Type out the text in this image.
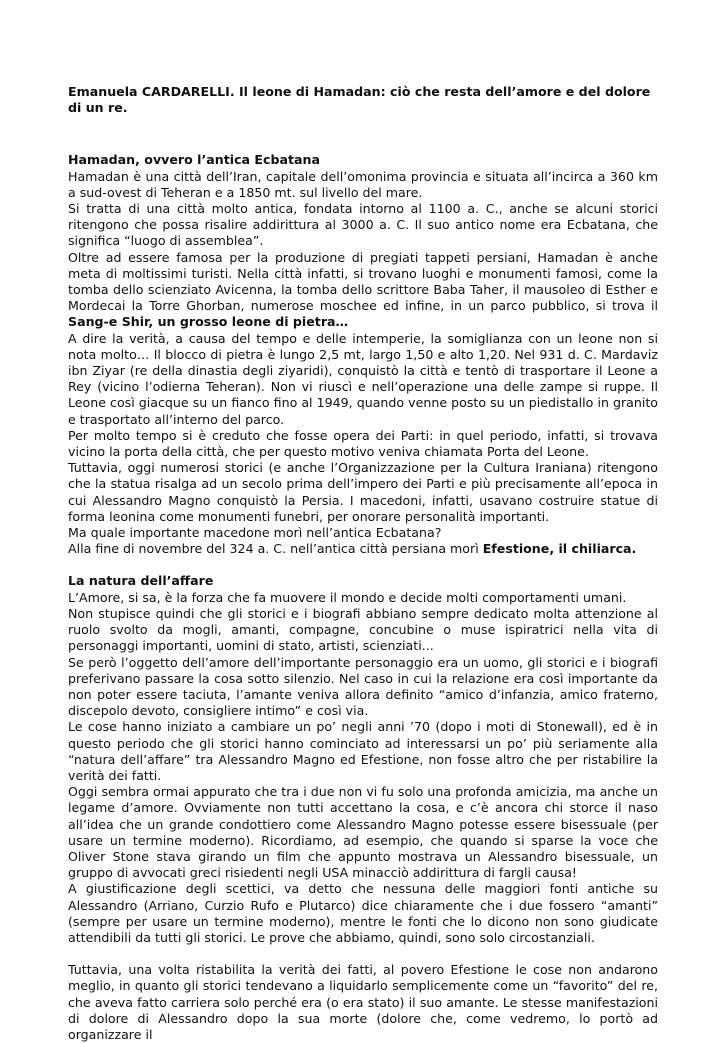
Emanuela CARDARELLI. Il leone di Hamadan: ciò che resta dell’amore e del dolore di un re.

Hamadan, ovvero l’antica Ecbatana

Hamadan è una città dell’Iran, capitale dell’omonima provincia e situata all’incirca a 360 km a sud-ovest di Teheran e a 1850 mt. sul livello del mare.

Si tratta di una città molto antica, fondata intorno al 1100 a. C., anche se alcuni storici ritengono che possa risalire addirittura al 3000 a. C. Il suo antico nome era Ecbatana, che significa “luogo di assemblea”.

Oltre ad essere famosa per la produzione di pregiati tappeti persiani, Hamadan è anche meta di moltissimi turisti. Nella città infatti, si trovano luoghi e monumenti famosi, come la tomba dello scienziato Avicenna, la tomba dello scrittore Baba Taher, il mausoleo di Esther e Mordecai la Torre Ghorban, numerose moschee ed infine, in un parco pubblico, si trova il Sang-e Shir, un grosso leone di pietra…

A dire la verità, a causa del tempo e delle intemperie, la somiglianza con un leone non si nota molto… Il blocco di pietra è lungo 2,5 mt, largo 1,50 e alto 1,20. Nel 931 d. C. Mardaviz ibn Ziyar (re della dinastia degli ziyaridi), conquistò la città e tentò di trasportare il Leone a Rey (vicino l’odierna Teheran). Non vi riuscì e nell’operazione una delle zampe si ruppe. Il Leone così giacque su un fianco fino al 1949, quando venne posto su un piedistallo in granito e trasportato all’interno del parco.

Per molto tempo si è creduto che fosse opera dei Parti: in quel periodo, infatti, si trovava vicino la porta della città, che per questo motivo veniva chiamata Porta del Leone.

Tuttavia, oggi numerosi storici (e anche l’Organizzazione per la Cultura Iraniana) ritengono che la statua risalga ad un secolo prima dell’impero dei Parti e più precisamente all’epoca in cui Alessandro Magno conquistò la Persia. I macedoni, infatti, usavano costruire statue di forma leonina come monumenti funebri, per onorare personalità importanti.

Ma quale importante macedone morì nell’antica Ecbatana?

Alla fine di novembre del 324 a. C. nell’antica città persiana morì Efestione, il chiliarca.

La natura dell’affare

L’Amore, si sa, è la forza che fa muovere il mondo e decide molti comportamenti umani.

Non stupisce quindi che gli storici e i biografi abbiano sempre dedicato molta attenzione al ruolo svolto da mogli, amanti, compagne, concubine o muse ispiratrici nella vita di personaggi importanti, uomini di stato, artisti, scienziati...

Se però l’oggetto dell’amore dell’importante personaggio era un uomo, gli storici e i biografi preferivano passare la cosa sotto silenzio. Nel caso in cui la relazione era così importante da non poter essere taciuta, l’amante veniva allora definito “amico d’infanzia, amico fraterno, discepolo devoto, consigliere intimo” e così via.

Le cose hanno iniziato a cambiare un po’ negli anni ’70 (dopo i moti di Stonewall), ed è in questo periodo che gli storici hanno cominciato ad interessarsi un po’ più seriamente alla “natura dell’affare” tra Alessandro Magno ed Efestione, non fosse altro che per ristabilire la verità dei fatti.

Oggi sembra ormai appurato che tra i due non vi fu solo una profonda amicizia, ma anche un legame d’amore. Ovviamente non tutti accettano la cosa, e c’è ancora chi storce il naso all’idea che un grande condottiero come Alessandro Magno potesse essere bisessuale (per usare un termine moderno). Ricordiamo, ad esempio, che quando si sparse la voce che Oliver Stone stava girando un film che appunto mostrava un Alessandro bisessuale, un gruppo di avvocati greci risiedenti negli USA minacciò addirittura di fargli causa!

A giustificazione degli scettici, va detto che nessuna delle maggiori fonti antiche su Alessandro (Arriano, Curzio Rufo e Plutarco) dice chiaramente che i due fossero “amanti” (sempre per usare un termine moderno), mentre le fonti che lo dicono non sono giudicate attendibili da tutti gli storici. Le prove che abbiamo, quindi, sono solo circostanziali.

Tuttavia, una volta ristabilita la verità dei fatti, al povero Efestione le cose non andarono meglio, in quanto gli storici tendevano a liquidarlo semplicemente come un “favorito” del re, che aveva fatto carriera solo perché era (o era stato) il suo amante. Le stesse manifestazioni di dolore di Alessandro dopo la sua morte (dolore che, come vedremo, lo portò ad organizzare il
